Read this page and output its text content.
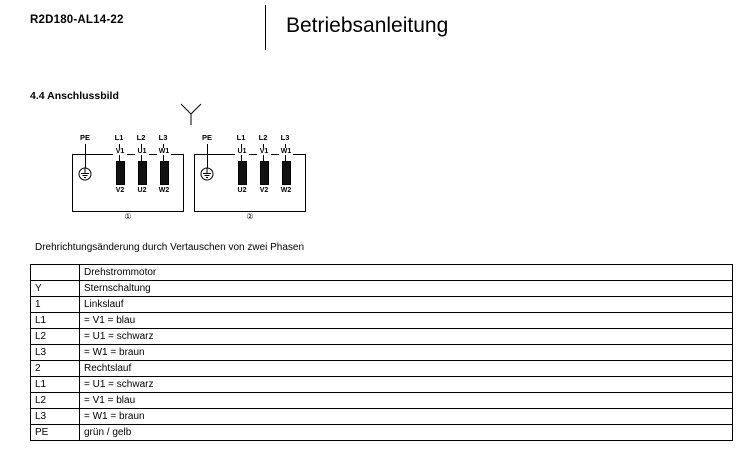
R2D180-AL14-22	Betriebsanleitung
4.4 Anschlussbild
PE	L1	L2	L3
V1	U1	W1
V2	U2	W2
①
PE	L1	L2	L3
U1	V1	W1
U2	V2	W2
②
Drehrichtungsänderung durch Vertauschen von zwei Phasen
	Drehstrommotor
Y	Sternschaltung
1	Linkslauf
L1	= V1 = blau
L2	= U1 = schwarz
L3	= W1 = braun
2	Rechtslauf
L1	= U1 = schwarz
L2	= V1 = blau
L3	= W1 = braun
PE	grün / gelb
